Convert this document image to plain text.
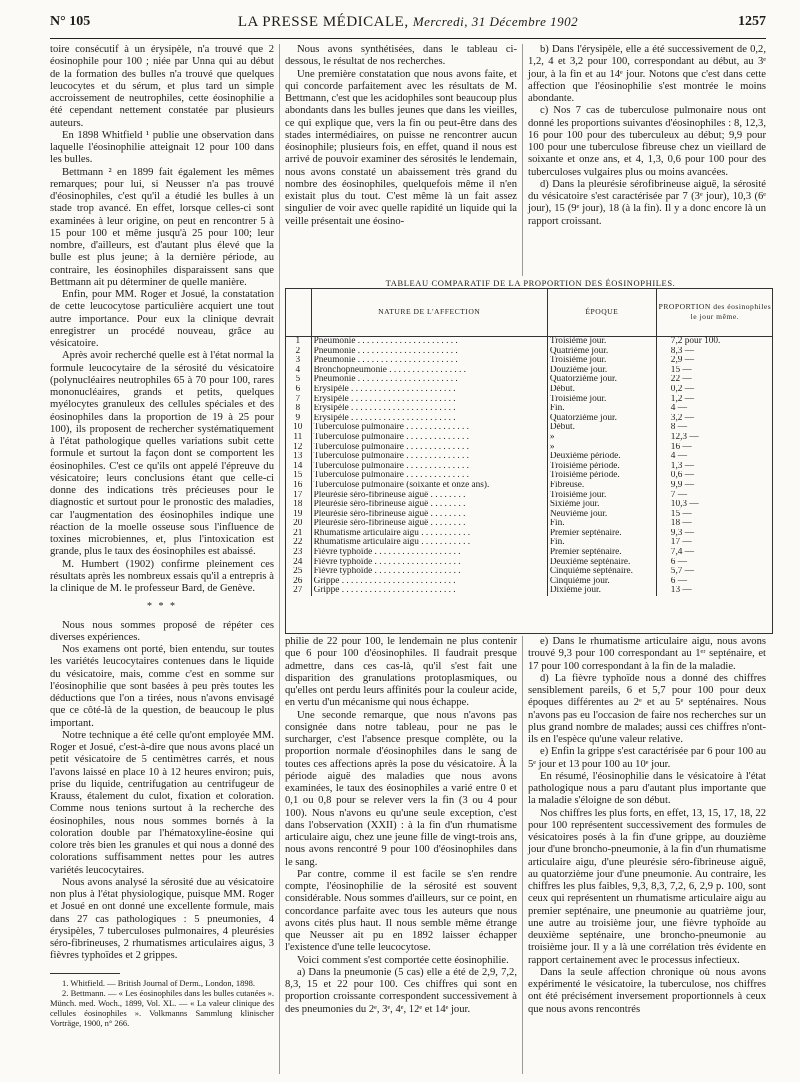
N° 105	LA PRESSE MÉDICALE, Mercredi, 31 Décembre 1902	1257

toire consécutif à un érysipèle, n'a trouvé que 2 éosinophile pour 100 ; niée par Unna qui au début de la formation des bulles n'a trouvé que quelques leucocytes et du sérum, et plus tard un simple accroissement de neutrophiles, cette éosinophilie a été cependant nettement constatée par plusieurs auteurs.

En 1898 Whitfield ¹ publie une observation dans laquelle l'éosinophilie atteignait 12 pour 100 dans les bulles.

Bettmann ² en 1899 fait également les mêmes remarques; pour lui, si Neusser n'a pas trouvé d'éosinophiles, c'est qu'il a étudié les bulles à un stade trop avancé. En effet, lorsque celles-ci sont examinées à leur origine, on peut en rencontrer 5 à 15 pour 100 et même jusqu'à 25 pour 100; leur nombre, d'ailleurs, est d'autant plus élevé que la bulle est plus jeune; à la dernière période, au contraire, les éosinophiles disparaissent sans que Bettmann ait pu déterminer de quelle manière.

Enfin, pour MM. Roger et Josué, la constatation de cette leucocytose particulière acquiert une tout autre importance. Pour eux la clinique devrait enregistrer un procédé nouveau, grâce au vésicatoire.

Après avoir recherché quelle est à l'état normal la formule leucocytaire de la sérosité du vésicatoire (polynucléaires neutrophiles 65 à 70 pour 100, rares mononucléaires, grands et petits, quelques myélocytes granuleux des cellules spéciales et des éosinophiles dans la proportion de 19 à 25 pour 100), ils proposent de rechercher systématiquement à l'état pathologique quelles variations subit cette formule et surtout la façon dont se comportent les éosinophiles. C'est ce qu'ils ont appelé l'épreuve du vésicatoire; leurs conclusions étant que celle-ci donne des indications très précieuses pour le diagnostic et surtout pour le pronostic des maladies, car l'augmentation des éosinophiles indique une réaction de la moelle osseuse sous l'influence de toxines microbiennes, et, plus l'intoxication est grande, plus le taux des éosinophiles est abaissé.

M. Humbert (1902) confirme pleinement ces résultats après les nombreux essais qu'il a entrepris à la clinique de M. le professeur Bard, de Genève.

* * *

Nous nous sommes proposé de répéter ces diverses expériences.

Nos examens ont porté, bien entendu, sur toutes les variétés leucocytaires contenues dans le liquide du vésicatoire, mais, comme c'est en somme sur l'éosinophilie que sont basées à peu près toutes les déductions que l'on a tirées, nous n'avons envisagé que ce côté-là de la question, de beaucoup le plus important.

Notre technique a été celle qu'ont employée MM. Roger et Josué, c'est-à-dire que nous avons placé un petit vésicatoire de 5 centimètres carrés, et nous l'avons laissé en place 10 à 12 heures environ; puis, prise du liquide, centrifugation au centrifugeur de Krauss, étalement du culot, fixation et coloration. Comme nous tenions surtout à la recherche des éosinophiles, nous nous sommes bornés à la coloration double par l'hématoxyline-éosine qui colore très bien les granules et qui nous a donné des colorations suffisamment nettes pour les autres variétés leucocytaires.

Nous avons analysé la sérosité due au vésicatoire non plus à l'état physiologique, puisque MM. Roger et Josué en ont donné une excellente formule, mais dans 27 cas pathologiques : 5 pneumonies, 4 érysipèles, 7 tuberculoses pulmonaires, 4 pleurésies séro-fibrineuses, 2 rhumatismes articulaires aigus, 3 fièvres typhoïdes et 2 grippes.

1. Whitfield. — British Journal of Derm., London, 1898.

2. Bettmann. — « Les éosinophiles dans les bulles cutanées ». Münch. med. Woch., 1899, Vol. XL. — « La valeur clinique des cellules éosinophiles ». Volkmanns Sammlung klinischer Vorträge, 1900, n° 266.

Nous avons synthétisées, dans le tableau ci-dessous, le résultat de nos recherches.

Une première constatation que nous avons faite, et qui concorde parfaitement avec les résultats de M. Bettmann, c'est que les acidophiles sont beaucoup plus abondants dans les bulles jeunes que dans les vieilles, ce qui explique que, vers la fin ou peut-être dans des stades intermédiaires, on puisse ne rencontrer aucun éosinophile; plusieurs fois, en effet, quand il nous est arrivé de pouvoir examiner des sérosités le lendemain, nous avons constaté un abaissement très grand du nombre des éosinophiles, quelquefois même il n'en existait plus du tout. C'est même là un fait assez singulier de voir avec quelle rapidité un liquide qui la veille présentait une éosino-

b) Dans l'érysipèle, elle a été successivement de 0,2, 1,2, 4 et 3,2 pour 100, correspondant au début, au 3ᵉ jour, à la fin et au 14ᵉ jour. Notons que c'est dans cette affection que l'éosinophilie s'est montrée le moins abondante.

c) Nos 7 cas de tuberculose pulmonaire nous ont donné les proportions suivantes d'éosinophiles : 8, 12,3, 16 pour 100 pour des tuberculeux au début; 9,9 pour 100 pour une tuberculose fibreuse chez un vieillard de soixante et onze ans, et 4, 1,3, 0,6 pour 100 pour des tuberculoses vulgaires plus ou moins avancées.

d) Dans la pleurésie sérofibrineuse aiguë, la sérosité du vésicatoire s'est caractérisée par 7 (3ᵉ jour), 10,3 (6ᵉ jour), 15 (9ᵉ jour), 18 (à la fin). Il y a donc encore là un rapport croissant.

TABLEAU COMPARATIF DE LA PROPORTION DES ÉOSINOPHILES.
	NATURE DE L'AFFECTION	ÉPOQUE	PROPORTION des éosinophiles le jour même.
1	Pneumonie . . . . . . . . . . . . . . . . . . . . . .	Troisième jour.	7,2 pour 100.
2	Pneumonie . . . . . . . . . . . . . . . . . . . . . .	Quatrième jour.	8,3 —
3	Pneumonie . . . . . . . . . . . . . . . . . . . . . .	Troisième jour.	2,9 —
4	Bronchopneumonie . . . . . . . . . . . . . . . . .	Douzième jour.	15 —
5	Pneumonie . . . . . . . . . . . . . . . . . . . . . .	Quatorzième jour.	22 —
6	Érysipèle . . . . . . . . . . . . . . . . . . . . . . .	Début.	0,2 —
7	Érysipèle . . . . . . . . . . . . . . . . . . . . . . .	Troisième jour.	1,2 —
8	Érysipèle . . . . . . . . . . . . . . . . . . . . . . .	Fin.	4 —
9	Érysipèle . . . . . . . . . . . . . . . . . . . . . . .	Quatorzième jour.	3,2 —
10	Tuberculose pulmonaire . . . . . . . . . . . . . .	Début.	8 —
11	Tuberculose pulmonaire . . . . . . . . . . . . . .	»	12,3 —
12	Tuberculose pulmonaire . . . . . . . . . . . . . .	»	16 —
13	Tuberculose pulmonaire . . . . . . . . . . . . . .	Deuxième période.	4 —
14	Tuberculose pulmonaire . . . . . . . . . . . . . .	Troisième période.	1,3 —
15	Tuberculose pulmonaire . . . . . . . . . . . . . .	Troisième période.	0,6 —
16	Tuberculose pulmonaire (soixante et onze ans).	Fibreuse.	9,9 —
17	Pleurésie séro-fibrineuse aiguë . . . . . . . .	Troisième jour.	7 —
18	Pleurésie séro-fibrineuse aiguë . . . . . . . .	Sixième jour.	10,3 —
19	Pleurésie séro-fibrineuse aiguë . . . . . . . .	Neuvième jour.	15 —
20	Pleurésie séro-fibrineuse aiguë . . . . . . . .	Fin.	18 —
21	Rhumatisme articulaire aigu . . . . . . . . . . .	Premier septénaire.	9,3 —
22	Rhumatisme articulaire aigu . . . . . . . . . . .	Fin.	17 —
23	Fièvre typhoïde . . . . . . . . . . . . . . . . . . .	Premier septénaire.	7,4 —
24	Fièvre typhoïde . . . . . . . . . . . . . . . . . . .	Deuxième septénaire.	6 —
25	Fièvre typhoïde . . . . . . . . . . . . . . . . . . .	Cinquième septénaire.	5,7 —
26	Grippe . . . . . . . . . . . . . . . . . . . . . . . . .	Cinquième jour.	6 —
27	Grippe . . . . . . . . . . . . . . . . . . . . . . . . .	Dixième jour.	13 —

philie de 22 pour 100, le lendemain ne plus contenir que 6 pour 100 d'éosinophiles. Il faudrait presque admettre, dans ces cas-là, qu'il s'est fait une disparition des granulations protoplasmiques, ou qu'elles ont perdu leurs affinités pour la couleur acide, en vertu d'un mécanisme qui nous échappe.

Une seconde remarque, que nous n'avons pas consignée dans notre tableau, pour ne pas le surcharger, c'est l'absence presque complète, ou la proportion normale d'éosinophiles dans le sang de toutes ces affections après la pose du vésicatoire. À la période aiguë des maladies que nous avons examinées, le taux des éosinophiles a varié entre 0 et 0,1 ou 0,8 pour se relever vers la fin (3 ou 4 pour 100). Nous n'avons eu qu'une seule exception, c'est dans l'observation (XXII) : à la fin d'un rhumatisme articulaire aigu, chez une jeune fille de vingt-trois ans, nous avons rencontré 9 pour 100 d'éosinophiles dans le sang.

Par contre, comme il est facile se s'en rendre compte, l'éosinophilie de la sérosité est souvent considérable. Nous sommes d'ailleurs, sur ce point, en concordance parfaite avec tous les auteurs que nous avons cités plus haut. Il nous semble même étrange que Neusser ait pu en 1892 laisser échapper l'existence d'une telle leucocytose.

Voici comment s'est comportée cette éosinophilie.

a) Dans la pneumonie (5 cas) elle a été de 2,9, 7,2, 8,3, 15 et 22 pour 100. Ces chiffres qui sont en proportion croissante correspondent successivement à des pneumonies du 2ᵉ, 3ᵉ, 4ᵉ, 12ᵉ et 14ᵉ jour.

e) Dans le rhumatisme articulaire aigu, nous avons trouvé 9,3 pour 100 correspondant au 1ᵉʳ septénaire, et 17 pour 100 correspondant à la fin de la maladie.

d) La fièvre typhoïde nous a donné des chiffres sensiblement pareils, 6 et 5,7 pour 100 pour deux époques différentes au 2ᵉ et au 5ᵉ septénaires. Nous n'avons pas eu l'occasion de faire nos recherches sur un plus grand nombre de malades; aussi ces chiffres n'ont-ils en l'espèce qu'une valeur relative.

e) Enfin la grippe s'est caractérisée par 6 pour 100 au 5ᵉ jour et 13 pour 100 au 10ᵉ jour.

En résumé, l'éosinophilie dans le vésicatoire à l'état pathologique nous a paru d'autant plus importante que la maladie s'éloigne de son début.

Nos chiffres les plus forts, en effet, 13, 15, 17, 18, 22 pour 100 représentent successivement des formules de vésicatoires posés à la fin d'une grippe, au douzième jour d'une broncho-pneumonie, à la fin d'un rhumatisme articulaire aigu, d'une pleurésie séro-fibrineuse aiguë, au quatorzième jour d'une pneumonie. Au contraire, les chiffres les plus faibles, 9,3, 8,3, 7,2, 6, 2,9 p. 100, sont ceux qui représentent un rhumatisme articulaire aigu au premier septénaire, une pneumonie au quatrième jour, une autre au troisième jour, une fièvre typhoïde au deuxième septénaire, une broncho-pneumonie au troisième jour. Il y a là une corrélation très évidente en rapport certainement avec le processus infectieux.

Dans la seule affection chronique où nous avons expérimenté le vésicatoire, la tuberculose, nos chiffres ont été précisément inversement proportionnels à ceux que nous avons rencontrés
